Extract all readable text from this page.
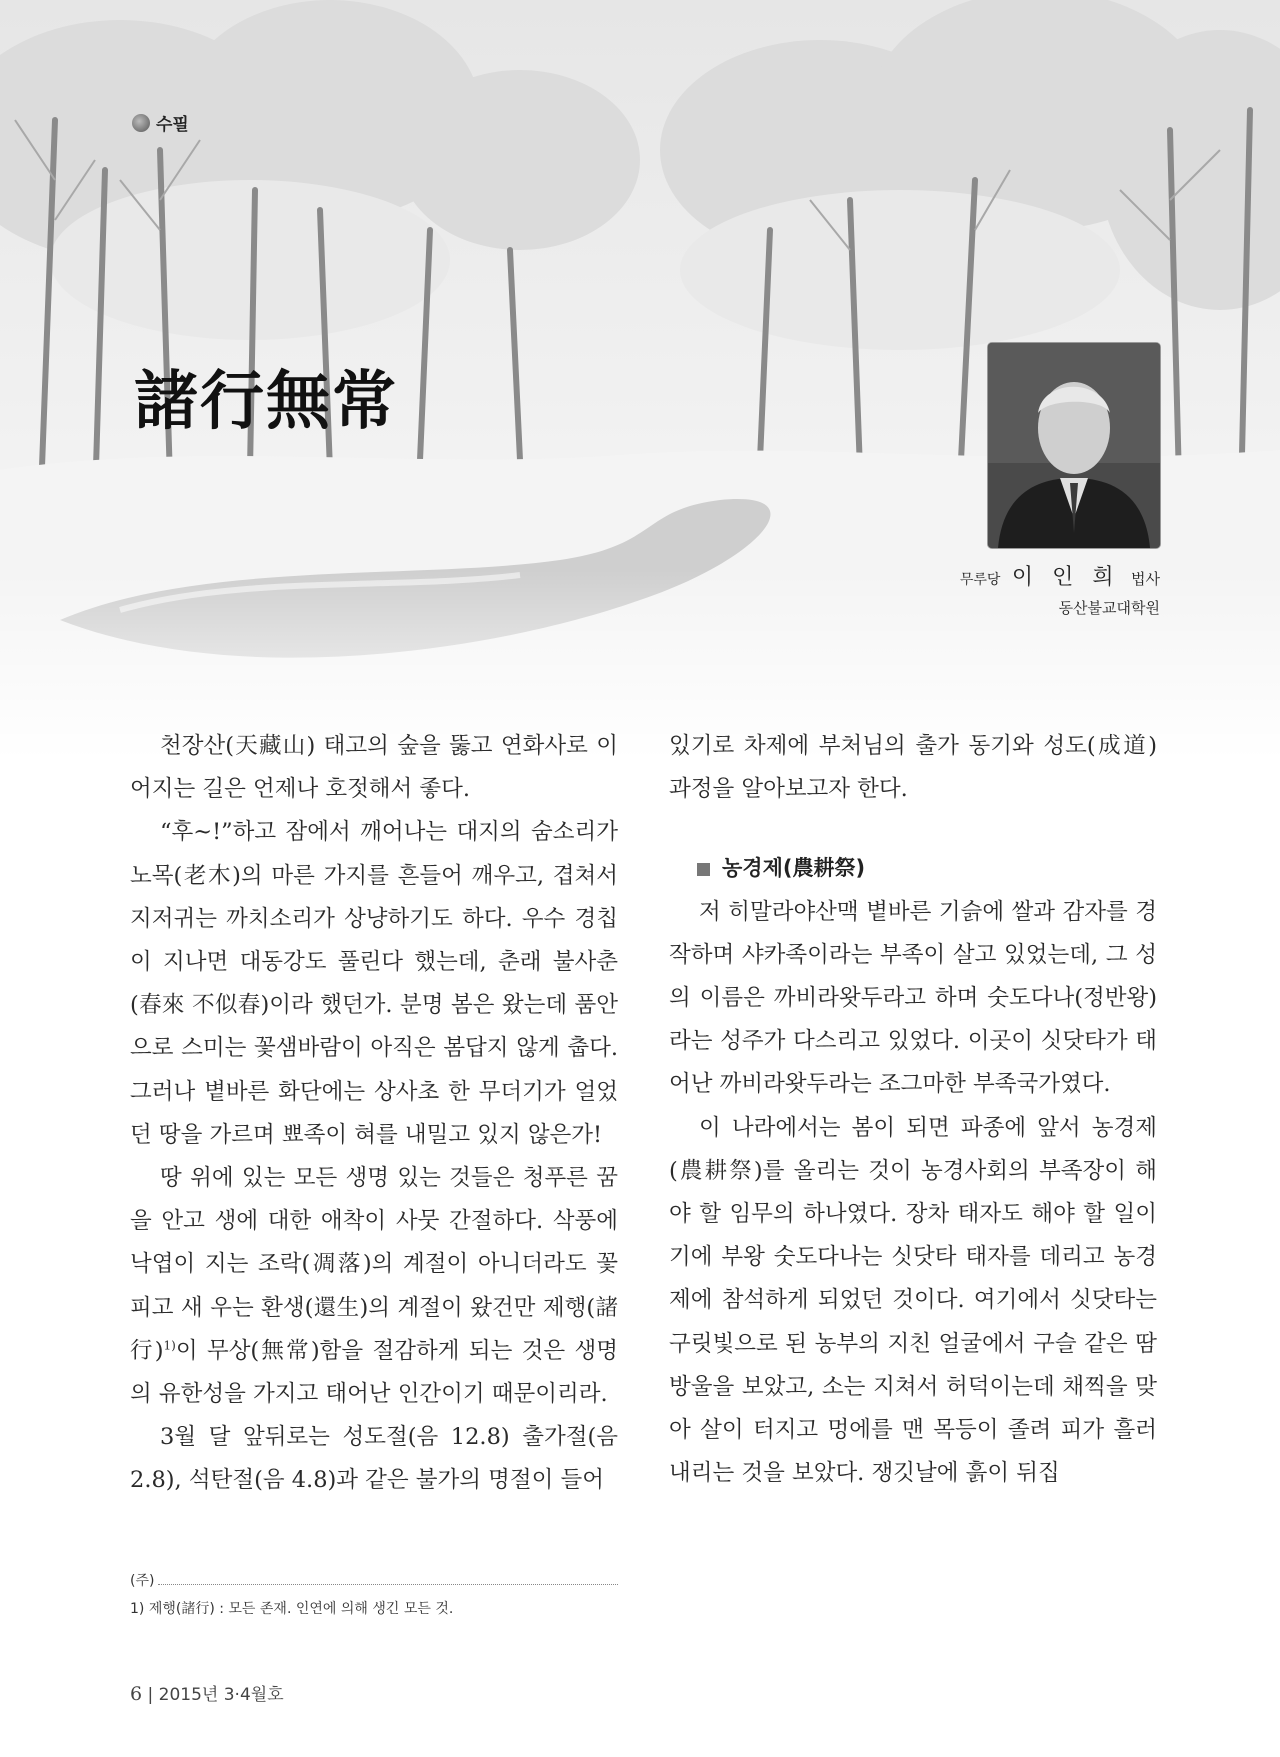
수필
諸行無常
무루당 이 인 희 법사
동산불교대학원

천장산(天藏山) 태고의 숲을 뚫고 연화사로 이어지는 길은 언제나 호젓해서 좋다.

“후~!”하고 잠에서 깨어나는 대지의 숨소리가 노목(老木)의 마른 가지를 흔들어 깨우고, 겹쳐서 지저귀는 까치소리가 상냥하기도 하다. 우수 경칩이 지나면 대동강도 풀린다 했는데, 춘래 불사춘(春來 不似春)이라 했던가. 분명 봄은 왔는데 품안으로 스미는 꽃샘바람이 아직은 봄답지 않게 춥다. 그러나 볕바른 화단에는 상사초 한 무더기가 얼었던 땅을 가르며 뾰족이 혀를 내밀고 있지 않은가!

땅 위에 있는 모든 생명 있는 것들은 청푸른 꿈을 안고 생에 대한 애착이 사뭇 간절하다. 삭풍에 낙엽이 지는 조락(凋落)의 계절이 아니더라도 꽃 피고 새 우는 환생(還生)의 계절이 왔건만 제행(諸行)$^{1)}$이 무상(無常)함을 절감하게 되는 것은 생명의 유한성을 가지고 태어난 인간이기 때문이리라.

3월 달 앞뒤로는 성도절(음 12.8) 출가절(음 2.8), 석탄절(음 4.8)과 같은 불가의 명절이 들어

있기로 차제에 부처님의 출가 동기와 성도(成道) 과정을 알아보고자 한다.

농경제(農耕祭)

저 히말라야산맥 볕바른 기슭에 쌀과 감자를 경작하며 샤카족이라는 부족이 살고 있었는데, 그 성의 이름은 까비라왓두라고 하며 숫도다나(정반왕)라는 성주가 다스리고 있었다. 이곳이 싯닷타가 태어난 까비라왓두라는 조그마한 부족국가였다.

이 나라에서는 봄이 되면 파종에 앞서 농경제(農耕祭)를 올리는 것이 농경사회의 부족장이 해야 할 임무의 하나였다. 장차 태자도 해야 할 일이기에 부왕 숫도다나는 싯닷타 태자를 데리고 농경제에 참석하게 되었던 것이다. 여기에서 싯닷타는 구릿빛으로 된 농부의 지친 얼굴에서 구슬 같은 땀방울을 보았고, 소는 지쳐서 허덕이는데 채찍을 맞아 살이 터지고 멍에를 맨 목등이 졸려 피가 흘러내리는 것을 보았다. 쟁깃날에 흙이 뒤집

(주)
1) 제행(諸行) : 모든 존재. 인연에 의해 생긴 모든 것.
6 | 2015년 3·4월호
